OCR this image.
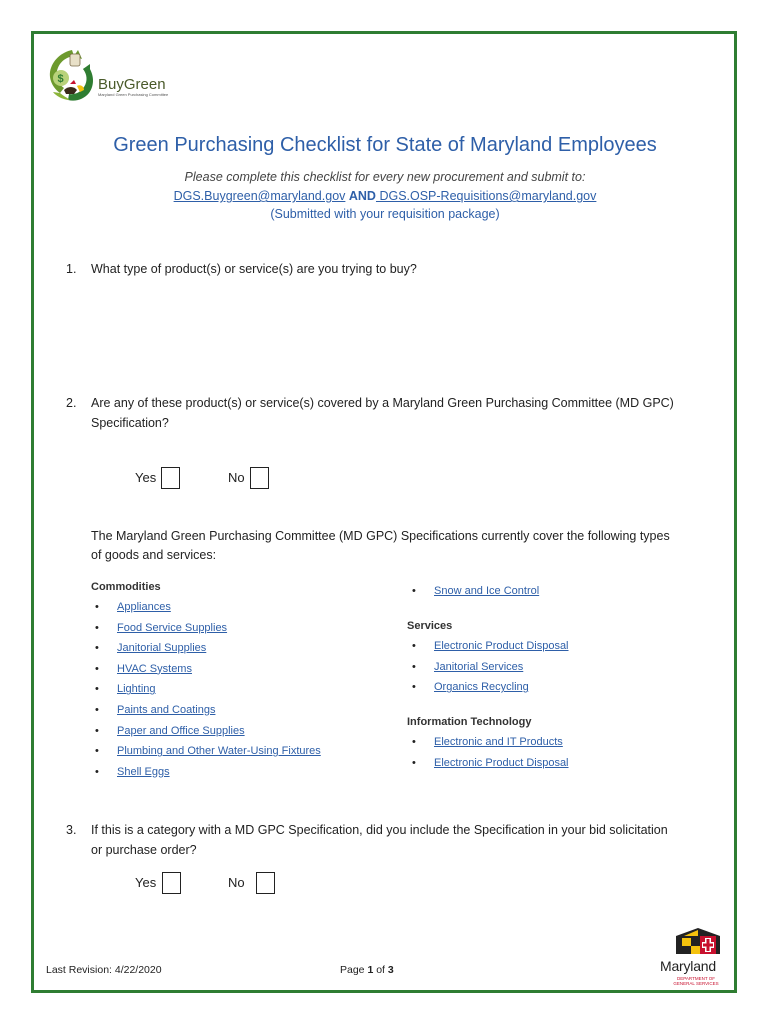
$ BuyGreen
Maryland Green Purchasing Committee
Green Purchasing Checklist for State of Maryland Employees
Please complete this checklist for every new procurement and submit to:
DGS.Buygreen@maryland.gov AND DGS.OSP-Requisitions@maryland.gov
(Submitted with your requisition package)
1. What type of product(s) or service(s) are you trying to buy?
2. Are any of these product(s) or service(s) covered by a Maryland Green Purchasing Committee (MD GPC) Specification?
Yes	No
The Maryland Green Purchasing Committee (MD GPC) Specifications currently cover the following types of goods and services:
Commodities
• Appliances
• Food Service Supplies
• Janitorial Supplies
• HVAC Systems
• Lighting
• Paints and Coatings
• Paper and Office Supplies
• Plumbing and Other Water-Using Fixtures
• Shell Eggs
• Snow and Ice Control
Services
• Electronic Product Disposal
• Janitorial Services
• Organics Recycling
Information Technology
• Electronic and IT Products
• Electronic Product Disposal
3. If this is a category with a MD GPC Specification, did you include the Specification in your bid solicitation or purchase order?
Yes	No
Last Revision: 4/22/2020	Page 1 of 3	Maryland
DEPARTMENT OF
GENERAL SERVICES
